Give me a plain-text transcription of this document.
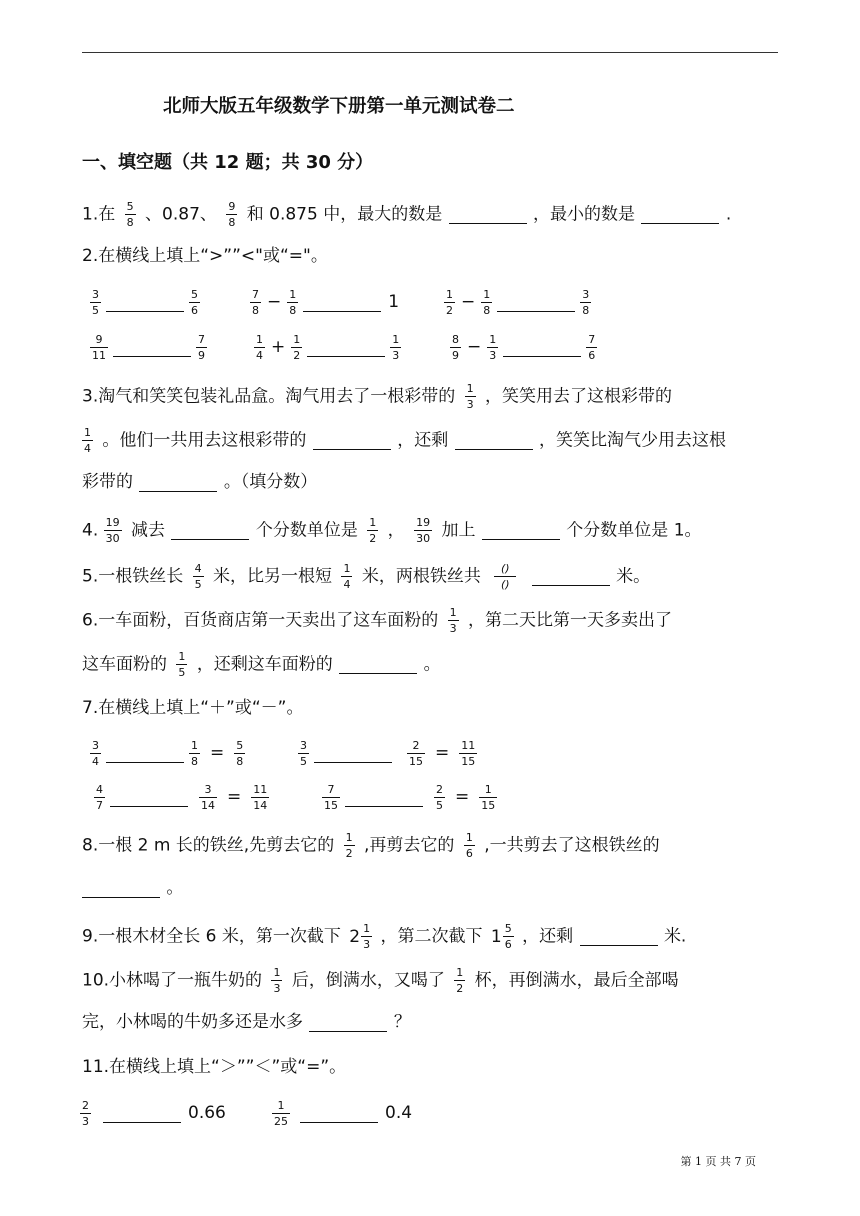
北师大版五年级数学下册第一单元测试卷二
一、填空题（共 12 题；共 30 分）
1.在 $\frac{5}{8}$ 、0.87、 $\frac{9}{8}$ 和 0.875 中，最大的数是	，最小的数是	.
2.在横线上填上“>””<"或“="。
$\frac{3}{5}$	$\frac{5}{6}$	$\frac{7}{8} - \frac{1}{8}$	1	$\frac{1}{2} - \frac{1}{8}$	$\frac{3}{8}$
$\frac{9}{11}$	$\frac{7}{9}$	$\frac{1}{4} + \frac{1}{2}$	$\frac{1}{3}$	$\frac{8}{9} - \frac{1}{3}$	$\frac{7}{6}$
3.淘气和笑笑包装礼品盒。淘气用去了一根彩带的 $\frac{1}{3}$ ，笑笑用去了这根彩带的
$\frac{1}{4}$ 。他们一共用去这根彩带的	，还剩	，笑笑比淘气少用去这根
彩带的	。（填分数）
4. $\frac{19}{30}$ 减去	个分数单位是 $\frac{1}{2}$ ， $\frac{19}{30}$ 加上	个分数单位是 1。
5.一根铁丝长 $\frac{4}{5}$ 米，比另一根短 $\frac{1}{4}$ 米，两根铁丝共 $\frac{()}{()}$	米。
6.一车面粉，百货商店第一天卖出了这车面粉的 $\frac{1}{3}$ ，第二天比第一天多卖出了
这车面粉的 $\frac{1}{5}$ ，还剩这车面粉的	。
7.在横线上填上“＋”或“－”。
$\frac{3}{4}$	$\frac{1}{8} = \frac{5}{8}$	$\frac{3}{5}$	$\frac{2}{15} = \frac{11}{15}$
$\frac{4}{7}$	$\frac{3}{14} = \frac{11}{14}$	$\frac{7}{15}$	$\frac{2}{5} = \frac{1}{15}$
8.一根 2 m 长的铁丝,先剪去它的 $\frac{1}{2}$ ,再剪去它的 $\frac{1}{6}$ ,一共剪去了这根铁丝的
。
9.一根木材全长 6 米，第一次截下 $2 \frac{1}{3}$ ，第二次截下 $1 \frac{5}{6}$ ，还剩	米.
10.小林喝了一瓶牛奶的 $\frac{1}{3}$ 后，倒满水，又喝了 $\frac{1}{2}$ 杯，再倒满水，最后全部喝
完，小林喝的牛奶多还是水多	？
11.在横线上填上“＞””＜”或“=”。
$\frac{2}{3}$	0.66	$\frac{1}{25}$	0.4
第 1 页 共 7 页
